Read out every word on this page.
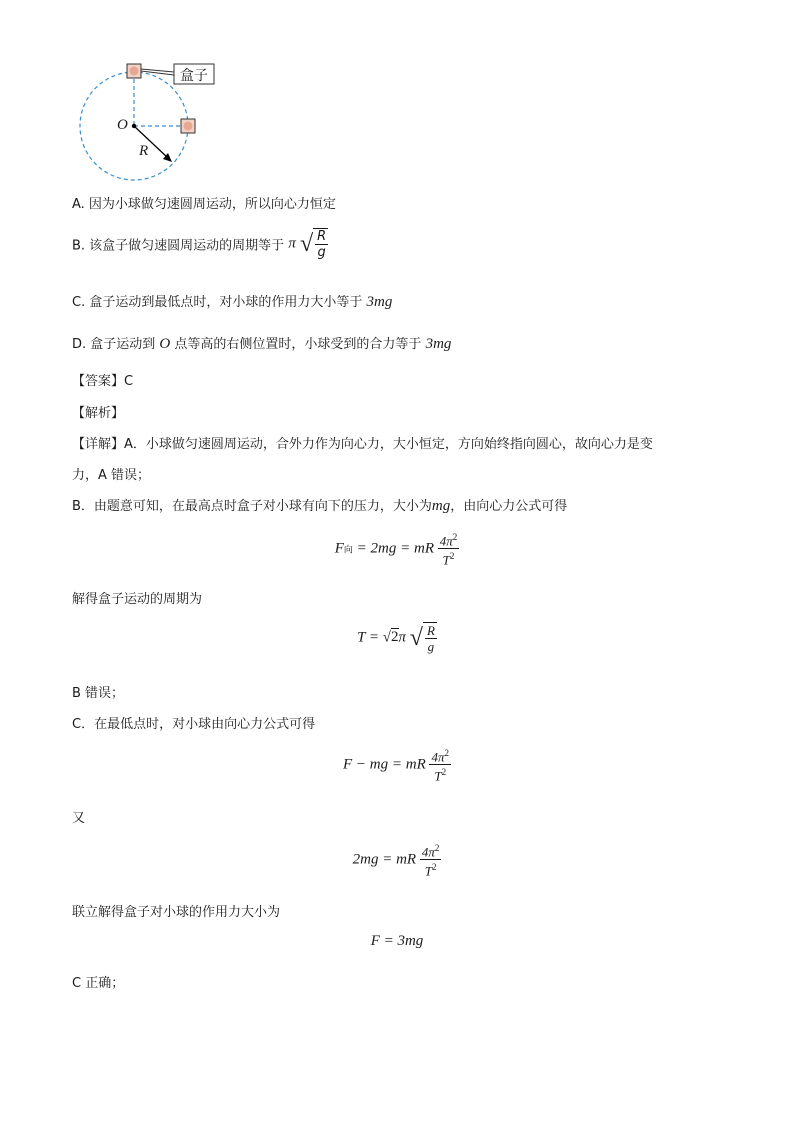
盒子
O
R
A. 因为小球做匀速圆周运动，所以向心力恒定
B. 该盒子做匀速圆周运动的周期等于 π √ $\frac{R}{g}$
C. 盒子运动到最低点时，对小球的作用力大小等于 3mg
D. 盒子运动到 O 点等高的右侧位置时，小球受到的合力等于 3mg
【答案】C
【解析】
【详解】A．小球做匀速圆周运动，合外力作为向心力，大小恒定，方向始终指向圆心，故向心力是变
力，A 错误；
B．由题意可知，在最高点时盒子对小球有向下的压力，大小为mg，由向心力公式可得
F向 = 2mg = mR $\frac{4\pi^2}{T^2}$
解得盒子运动的周期为
T = √2π √ $\frac{R}{g}$
B 错误；
C．在最低点时，对小球由向心力公式可得
F − mg = mR $\frac{4\pi^2}{T^2}$
又
2mg = mR $\frac{4\pi^2}{T^2}$
联立解得盒子对小球的作用力大小为
F = 3mg
C 正确；
